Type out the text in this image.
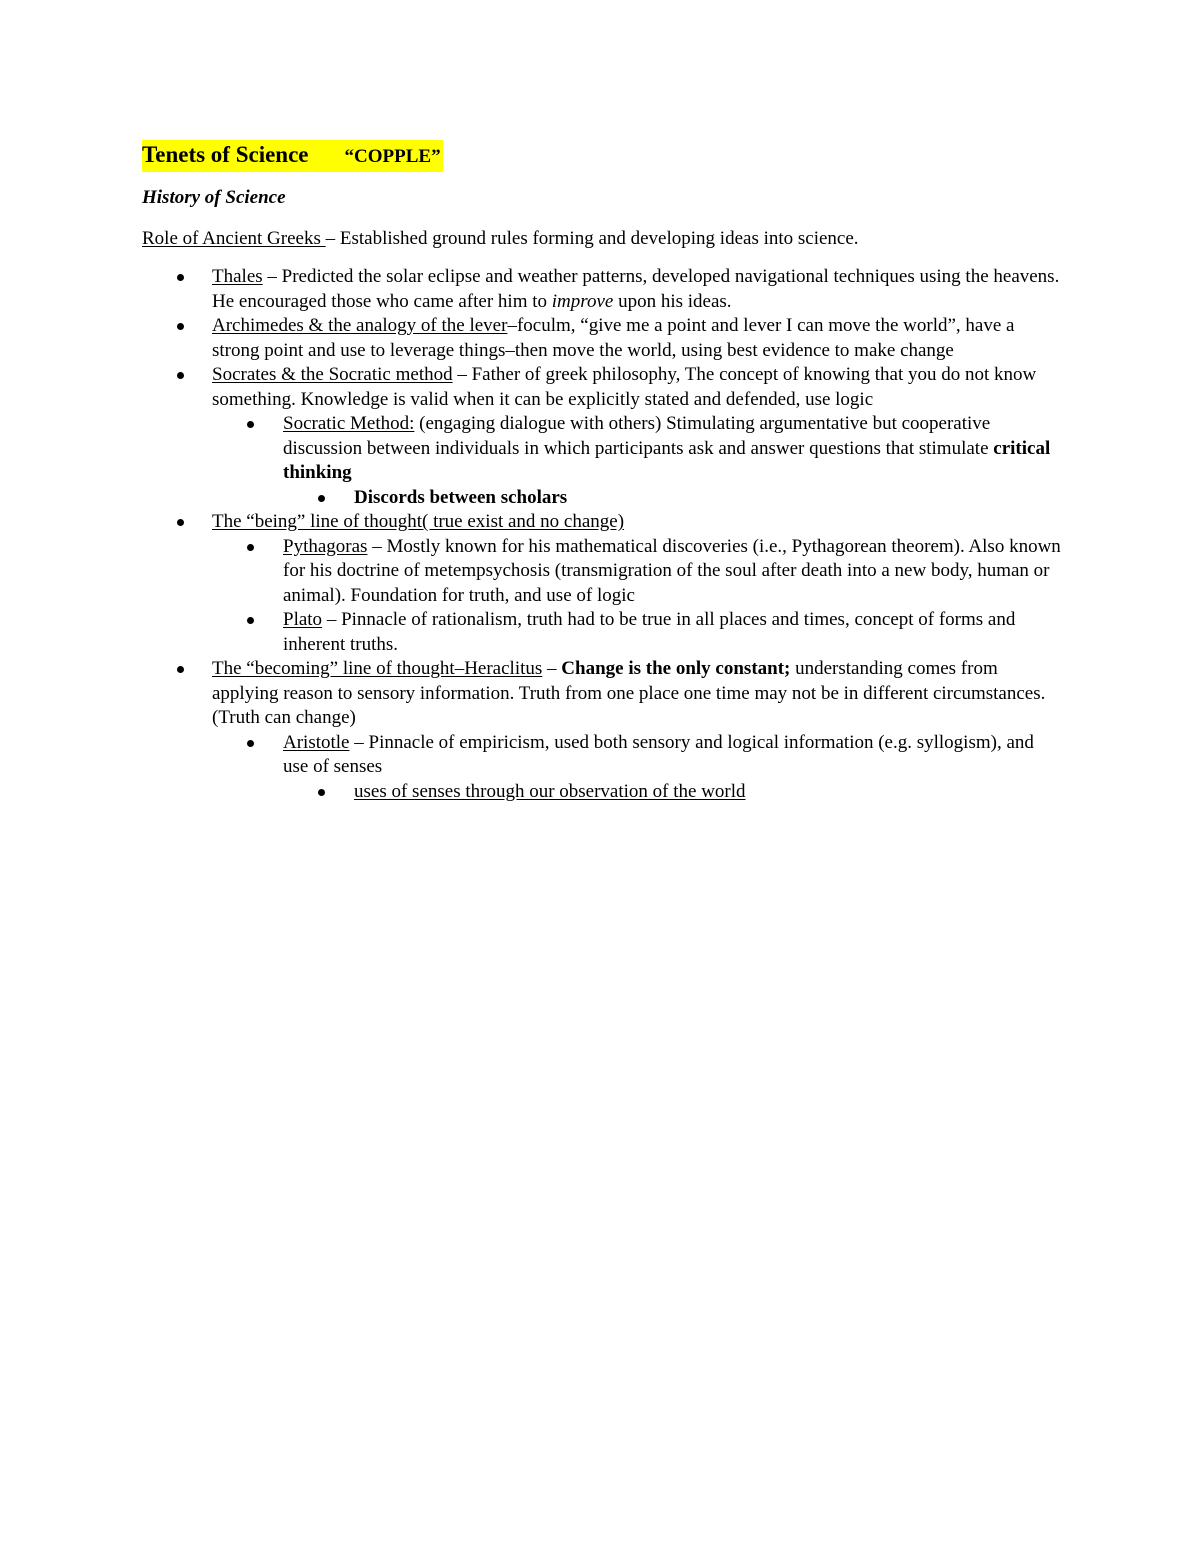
Tenets of Science “COPPLE”
History of Science
Role of Ancient Greeks – Established ground rules forming and developing ideas into science.
Thales – Predicted the solar eclipse and weather patterns, developed navigational techniques using the heavens. He encouraged those who came after him to improve upon his ideas.
Archimedes & the analogy of the lever–foculm, “give me a point and lever I can move the world”, have a strong point and use to leverage things–then move the world, using best evidence to make change
Socrates & the Socratic method – Father of greek philosophy, The concept of knowing that you do not know something. Knowledge is valid when it can be explicitly stated and defended, use logic
Socratic Method: (engaging dialogue with others) Stimulating argumentative but cooperative discussion between individuals in which participants ask and answer questions that stimulate critical thinking
Discords between scholars
The “being” line of thought( true exist and no change)
Pythagoras – Mostly known for his mathematical discoveries (i.e., Pythagorean theorem). Also known for his doctrine of metempsychosis (transmigration of the soul after death into a new body, human or animal). Foundation for truth, and use of logic
Plato – Pinnacle of rationalism, truth had to be true in all places and times, concept of forms and inherent truths.
The “becoming” line of thought–Heraclitus – Change is the only constant; understanding comes from applying reason to sensory information. Truth from one place one time may not be in different circumstances. (Truth can change)
Aristotle – Pinnacle of empiricism, used both sensory and logical information (e.g. syllogism), and use of senses
uses of senses through our observation of the world
